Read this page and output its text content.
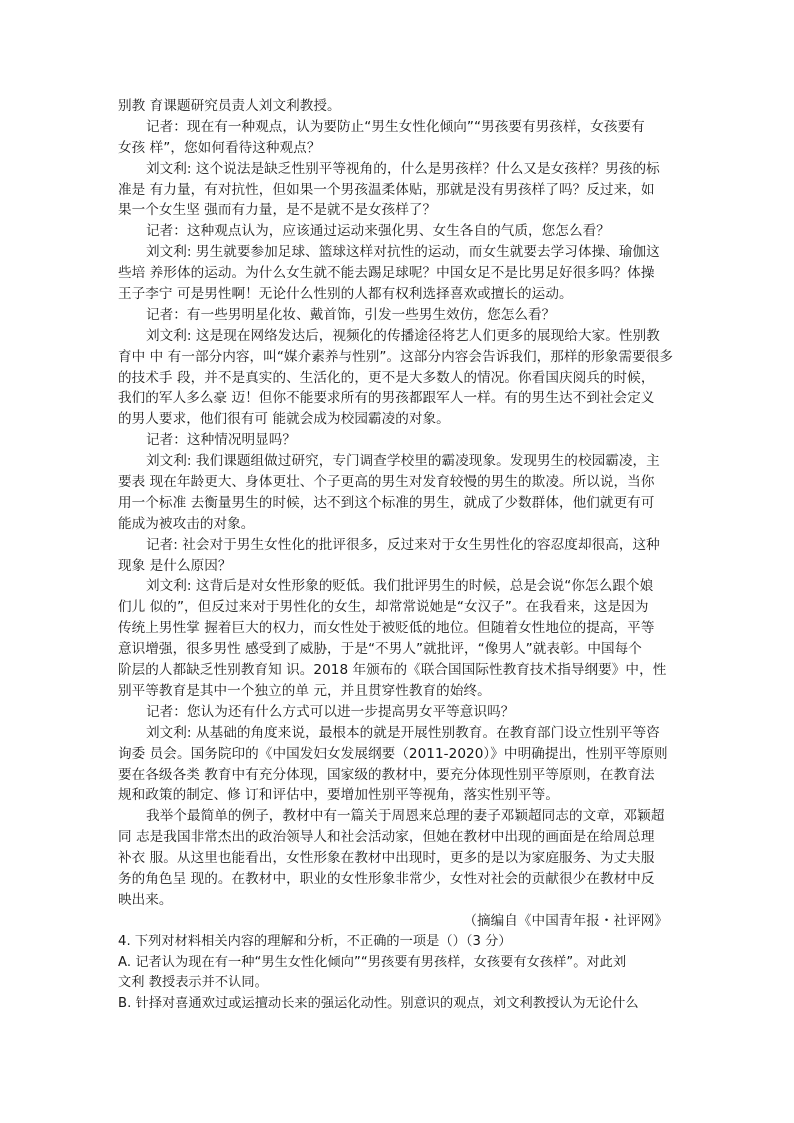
别教 育课题研究员责人刘文利教授。
记者：现在有一种观点，认为要防止“男生女性化倾向”“男孩要有男孩样，女孩要有
女孩 样”，您如何看待这种观点？
刘文利: 这个说法是缺乏性别平等视角的，什么是男孩样？什么又是女孩样？男孩的标
准是 有力量，有对抗性，但如果一个男孩温柔体贴，那就是没有男孩样了吗？反过来，如
果一个女生坚 强而有力量，是不是就不是女孩样了？
记者：这种观点认为，应该通过运动来强化男、女生各自的气质，您怎么看？
刘文利: 男生就要参加足球、篮球这样对抗性的运动，而女生就要去学习体操、瑜伽这
些培 养形体的运动。为什么女生就不能去踢足球呢？中国女足不是比男足好很多吗？体操
王子李宁 可是男性啊！无论什么性别的人都有权利选择喜欢或擅长的运动。
记者：有一些男明星化妆、戴首饰，引发一些男生效仿，您怎么看？
刘文利: 这是现在网络发达后，视频化的传播途径将艺人们更多的展现给大家。性别教
育中 中 有一部分内容，叫“媒介素养与性别”。这部分内容会告诉我们，那样的形象需要很多
的技术手 段，并不是真实的、生活化的，更不是大多数人的情况。你看国庆阅兵的时候，
我们的军人多么豪 迈！但你不能要求所有的男孩都跟军人一样。有的男生达不到社会定义
的男人要求，他们很有可 能就会成为校园霸凌的对象。
记者：这种情况明显吗？
刘文利: 我们课题组做过研究，专门调查学校里的霸凌现象。发现男生的校园霸凌，主
要表 现在年龄更大、身体更壮、个子更高的男生对发育较慢的男生的欺凌。所以说，当你
用一个标准 去衡量男生的时候，达不到这个标准的男生，就成了少数群体，他们就更有可
能成为被攻击的对象。
记者: 社会对于男生女性化的批评很多，反过来对于女生男性化的容忍度却很高，这种
现象 是什么原因？
刘文利: 这背后是对女性形象的贬低。我们批评男生的时候，总是会说“你怎么跟个娘
们儿 似的”，但反过来对于男性化的女生，却常常说她是“女汉子”。在我看来，这是因为
传统上男性掌 握着巨大的权力，而女性处于被贬低的地位。但随着女性地位的提高，平等
意识增强，很多男性 感受到了威胁，于是“不男人”就批评，“像男人”就表彰。中国每个
阶层的人都缺乏性别教育知 识。2018 年颁布的《联合国国际性教育技术指导纲要》中，性
别平等教育是其中一个独立的单 元，并且贯穿性教育的始终。
记者：您认为还有什么方式可以进一步提高男女平等意识吗？
刘文利: 从基础的角度来说，最根本的就是开展性别教育。在教育部门设立性别平等咨
询委 员会。国务院印的《中国发妇女发展纲要（2011-2020）》中明确提出，性别平等原则
要在各级各类 教育中有充分体现，国家级的教材中，要充分体现性别平等原则，在教育法
规和政策的制定、修 订和评估中，要增加性别平等视角，落实性别平等。
我举个最简单的例子，教材中有一篇关于周恩来总理的妻子邓颖超同志的文章，邓颖超
同 志是我国非常杰出的政治领导人和社会活动家，但她在教材中出现的画面是在给周总理
补衣 服。从这里也能看出，女性形象在教材中出现时，更多的是以为家庭服务、为丈夫服
务的角色呈 现的。在教材中，职业的女性形象非常少，女性对社会的贡献很少在教材中反
映出来。
（摘编自《中国青年报・社评网》
4. 下列对材料相关内容的理解和分析，不正确的一项是（）（3 分）
A. 记者认为现在有一种“男生女性化倾向”“男孩要有男孩样，女孩要有女孩样”。对此刘
文利 教授表示并不认同。
B. 针择对喜通欢过或运擅动长来的强运化动性。别意识的观点，刘文利教授认为无论什么
